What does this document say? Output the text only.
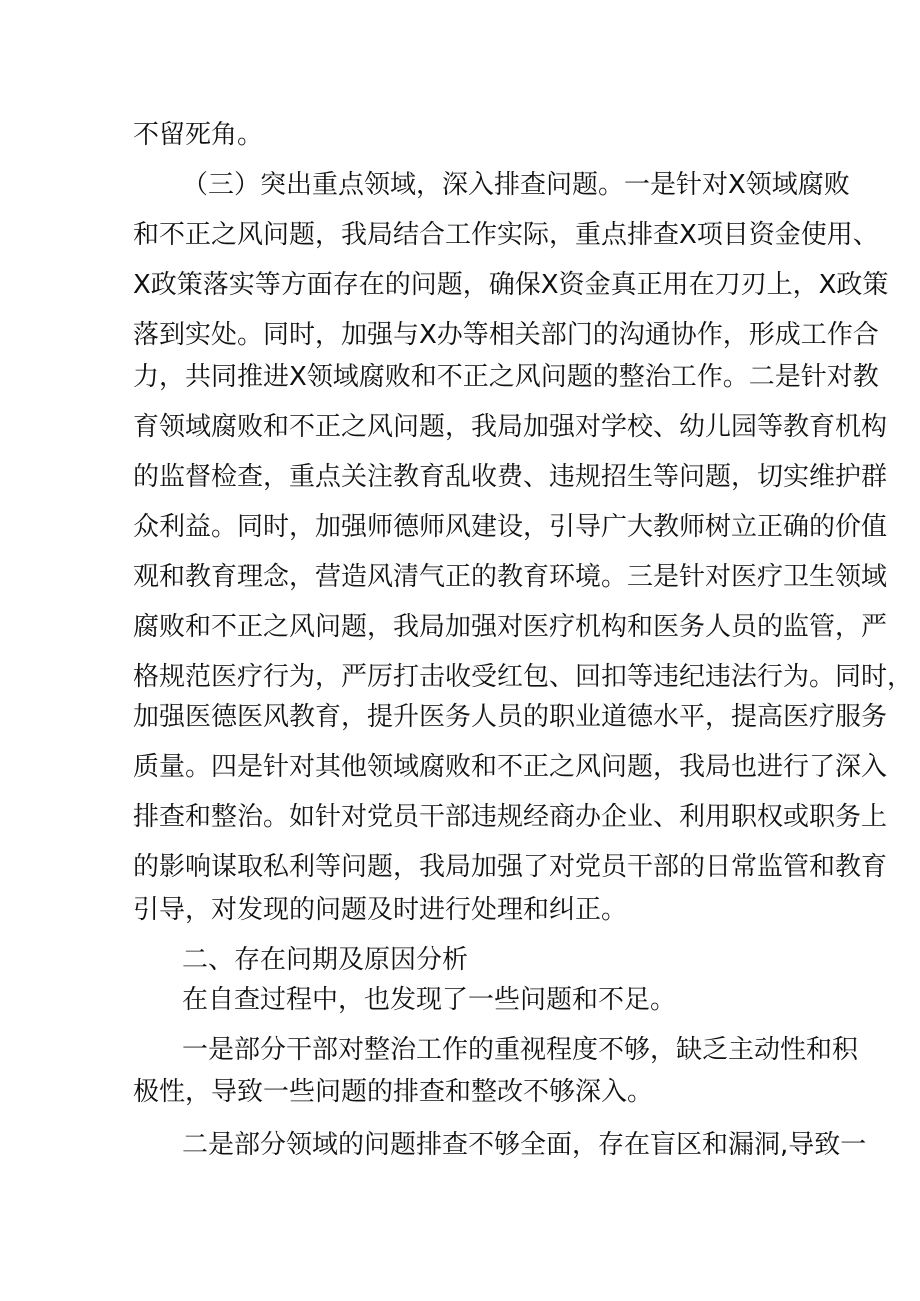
不留死角。
（三）突出重点领域，深入排查问题。一是针对X领域腐败
和不正之风问题，我局结合工作实际，重点排查X项目资金使用、
X政策落实等方面存在的问题，确保X资金真正用在刀刃上，X政策
落到实处。同时，加强与X办等相关部门的沟通协作，形成工作合
力，共同推进X领域腐败和不正之风问题的整治工作。二是针对教
育领域腐败和不正之风问题，我局加强对学校、幼儿园等教育机构
的监督检查，重点关注教育乱收费、违规招生等问题，切实维护群
众利益。同时，加强师德师风建设，引导广大教师树立正确的价值
观和教育理念，营造风清气正的教育环境。三是针对医疗卫生领域
腐败和不正之风问题，我局加强对医疗机构和医务人员的监管，严
格规范医疗行为，严厉打击收受红包、回扣等违纪违法行为。同时，
加强医德医风教育，提升医务人员的职业道德水平，提高医疗服务
质量。四是针对其他领域腐败和不正之风问题，我局也进行了深入
排查和整治。如针对党员干部违规经商办企业、利用职权或职务上
的影响谋取私利等问题，我局加强了对党员干部的日常监管和教育
引导，对发现的问题及时进行处理和纠正。
二、存在问期及原因分析
在自查过程中，也发现了一些问题和不足。
一是部分干部对整治工作的重视程度不够，缺乏主动性和积
极性，导致一些问题的排查和整改不够深入。
二是部分领域的问题排查不够全面，存在盲区和漏洞,导致一
